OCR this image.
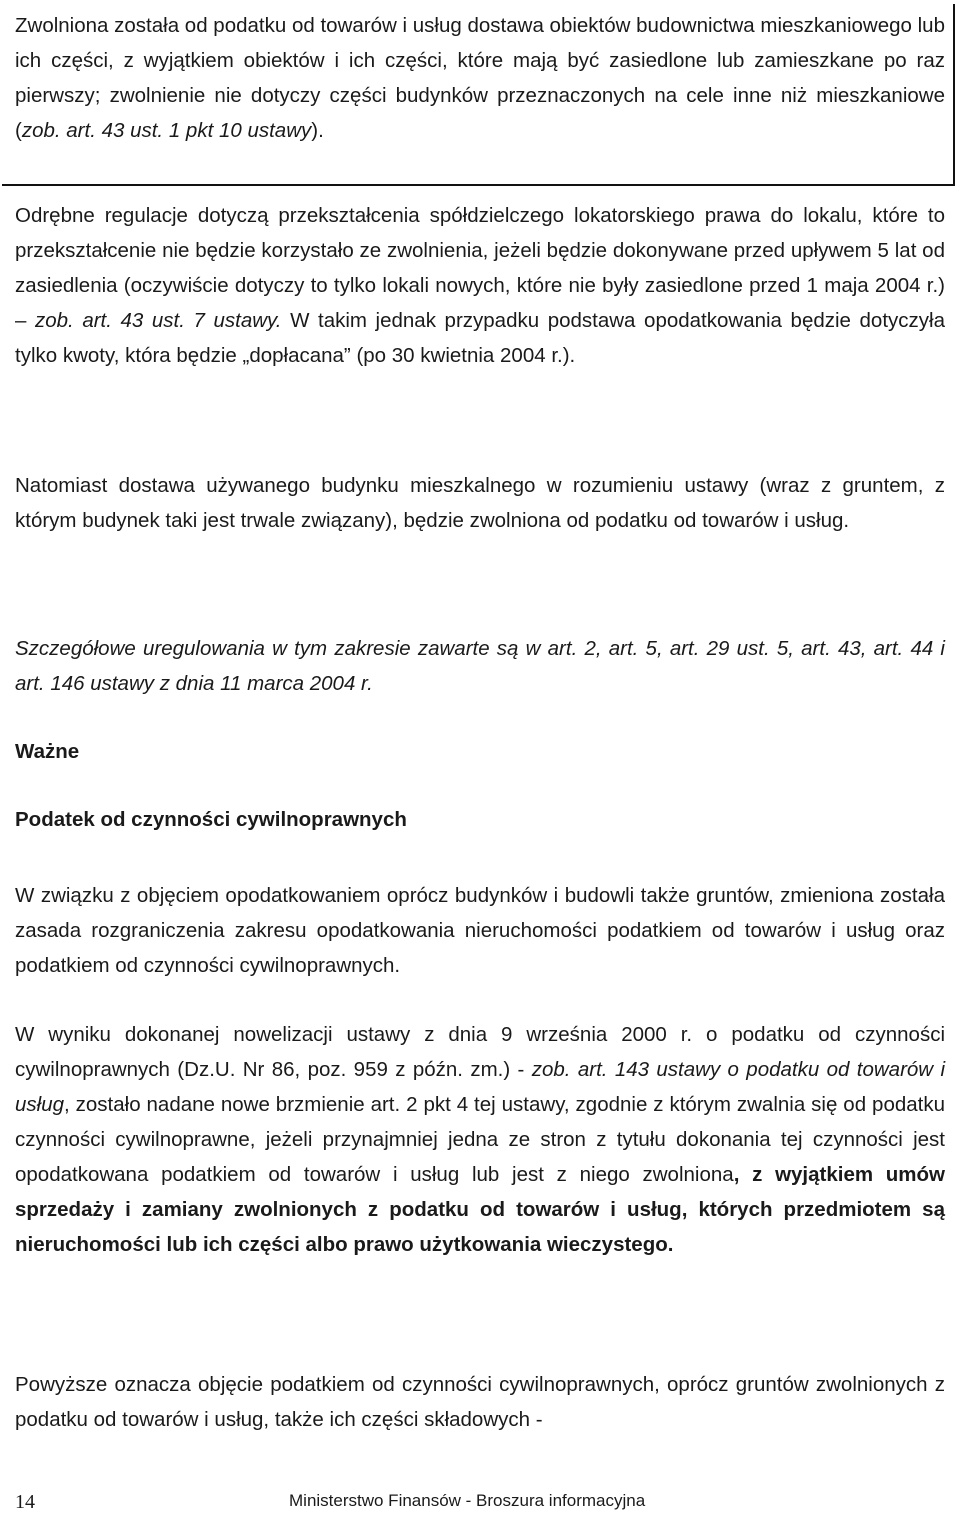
Zwolniona została od podatku od towarów i usług dostawa obiektów budownictwa mieszkaniowego lub ich części, z wyjątkiem obiektów i ich części, które mają być zasiedlone lub zamieszkane po raz pierwszy; zwolnienie nie dotyczy części budynków przeznaczonych na cele inne niż mieszkaniowe (zob. art. 43 ust. 1 pkt 10 ustawy).

Odrębne regulacje dotyczą przekształcenia spółdzielczego lokatorskiego prawa do lokalu, które to przekształcenie nie będzie korzystało ze zwolnienia, jeżeli będzie dokonywane przed upływem 5 lat od zasiedlenia (oczywiście dotyczy to tylko lokali nowych, które nie były zasiedlone przed 1 maja 2004 r.) – zob. art. 43 ust. 7 ustawy. W takim jednak przypadku podstawa opodatkowania będzie dotyczyła tylko kwoty, która będzie „dopłacana” (po 30 kwietnia 2004 r.).

Natomiast dostawa używanego budynku mieszkalnego w rozumieniu ustawy (wraz z gruntem, z którym budynek taki jest trwale związany), będzie zwolniona od podatku od towarów i usług.

Szczegółowe uregulowania w tym zakresie zawarte są w art. 2, art. 5, art. 29 ust. 5, art. 43, art. 44 i art. 146 ustawy z dnia 11 marca 2004 r.

Ważne

Podatek od czynności cywilnoprawnych

W związku z objęciem opodatkowaniem oprócz budynków i budowli także gruntów, zmieniona została zasada rozgraniczenia zakresu opodatkowania nieruchomości podatkiem od towarów i usług oraz podatkiem od czynności cywilnoprawnych.

W wyniku dokonanej nowelizacji ustawy z dnia 9 września 2000 r. o podatku od czynności cywilnoprawnych (Dz.U. Nr 86, poz. 959 z późn. zm.) - zob. art. 143 ustawy o podatku od towarów i usług, zostało nadane nowe brzmienie art. 2 pkt 4 tej ustawy, zgodnie z którym zwalnia się od podatku czynności cywilnoprawne, jeżeli przynajmniej jedna ze stron z tytułu dokonania tej czynności jest opodatkowana podatkiem od towarów i usług lub jest z niego zwolniona, z wyjątkiem umów sprzedaży i zamiany zwolnionych z podatku od towarów i usług, których przedmiotem są nieruchomości lub ich części albo prawo użytkowania wieczystego.

Powyższe oznacza objęcie podatkiem od czynności cywilnoprawnych, oprócz gruntów zwolnionych z podatku od towarów i usług, także ich części składowych -

14	Ministerstwo Finansów - Broszura informacyjna
